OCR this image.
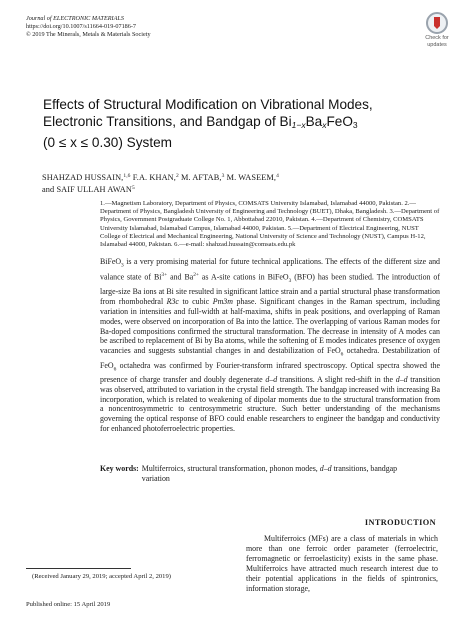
Journal of ELECTRONIC MATERIALS
https://doi.org/10.1007/s11664-019-07186-7
© 2019 The Minerals, Metals & Materials Society	Check for
updates
Effects of Structural Modification on Vibrational Modes,
Electronic Transitions, and Bandgap of $Bi_{1-x}Ba_xFeO_3$
(0 ≤ x ≤ 0.30) System
SHAHZAD HUSSAIN,$^{1,6}$ F.A. KHAN,$^2$ M. AFTAB,$^3$ M. WASEEM,$^4$
and SAIF ULLAH AWAN$^5$
1.—Magnetism Laboratory, Department of Physics, COMSATS University Islamabad, Islamabad 44000, Pakistan. 2.—Department of Physics, Bangladesh University of Engineering and Technology (BUET), Dhaka, Bangladesh. 3.—Department of Physics, Government Postgraduate College No. 1, Abbottabad 22010, Pakistan. 4.—Department of Chemistry, COMSATS University Islamabad, Islamabad Campus, Islamabad 44000, Pakistan. 5.—Department of Electrical Engineering, NUST College of Electrical and Mechanical Engineering, National University of Science and Technology (NUST), Campus H-12, Islamabad 44000, Pakistan. 6.—e-mail: shahzad.hussain@comsats.edu.pk
BiFeO$_3$ is a very promising material for future technical applications. The effects of the different size and valance state of $Bi^{3+}$ and $Ba^{2+}$ as A-site cations in BiFeO$_3$ (BFO) has been studied. The introduction of large-size Ba ions at Bi site resulted in significant lattice strain and a partial structural phase transformation from rhombohedral R3c to cubic Pm3m phase. Significant changes in the Raman spectrum, including variation in intensities and full-width at half-maxima, shifts in peak positions, and overlapping of Raman modes, were observed on incorporation of Ba into the lattice. The overlapping of various Raman modes for Ba-doped compositions confirmed the structural transformation. The decrease in intensity of A modes can be ascribed to replacement of Bi by Ba atoms, while the softening of E modes indicates presence of oxygen vacancies and suggests substantial changes in and destabilization of FeO$_6$ octahedra. Destabilization of FeO$_6$ octahedra was confirmed by Fourier-transform infrared spectroscopy. Optical spectra showed the presence of charge transfer and doubly degenerate d–d transitions. A slight red-shift in the d–d transition was observed, attributed to variation in the crystal field strength. The bandgap increased with increasing Ba incorporation, which is related to weakening of dipolar moments due to the structural transformation from a noncentrosymmetric to centrosymmetric structure. Such better understanding of the mechanisms governing the optical response of BFO could enable researchers to engineer the bandgap and conductivity for enhanced photoferroelectric properties.
Key words: Multiferroics, structural transformation, phonon modes, d–d transitions, bandgap variation
INTRODUCTION
Multiferroics (MFs) are a class of materials in which more than one ferroic order parameter (ferroelectric, ferromagnetic or ferroelasticity) exists in the same phase. Multiferroics have attracted much research interest due to their potential applications in the fields of spintronics, information storage,
(Received January 29, 2019; accepted April 2, 2019)
Published online: 15 April 2019
